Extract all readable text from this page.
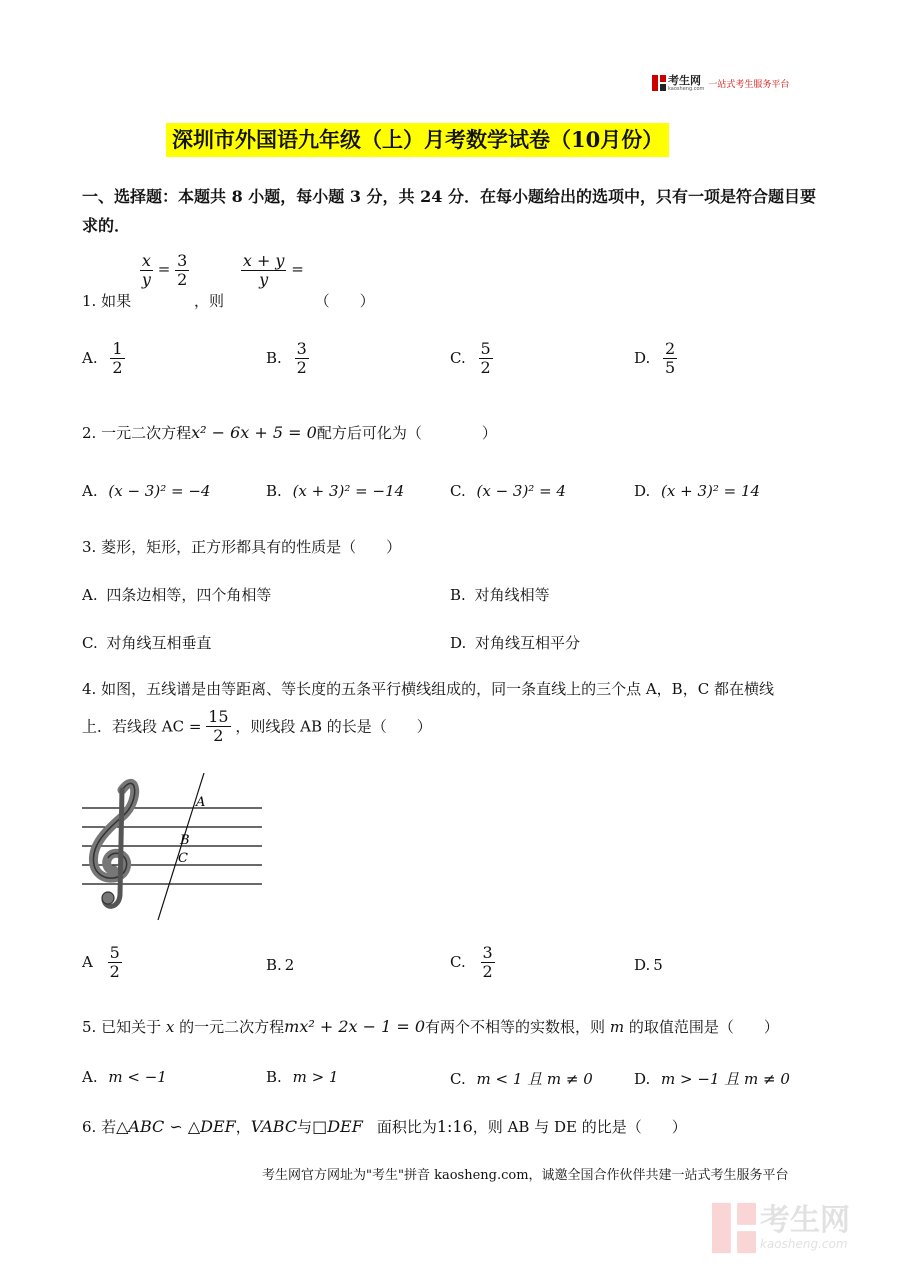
考生网
kaosheng.com 一站式考生服务平台
深圳市外国语九年级（上）月考数学试卷（10月份）
一、选择题：本题共 8 小题，每小题 3 分，共 24 分．在每小题给出的选项中，只有一项是符合题目要求的．
1. 如果
$\frac{x}{y} = \frac{3}{2}$
，则
$\frac{x + y}{y}$ = （　　）
A. $\frac{1}{2}$	B. $\frac{3}{2}$	C. $\frac{5}{2}$	D. $\frac{2}{5}$
2. 一元二次方程x² − 6x + 5 = 0配方后可化为（　　　　）
A. (x − 3)² = −4	B. (x + 3)² = −14	C. (x − 3)² = 4	D. (x + 3)² = 14
3. 菱形，矩形，正方形都具有的性质是（　　）
A. 四条边相等，四个角相等	B. 对角线相等
C. 对角线互相垂直	D. 对角线互相平分
4. 如图，五线谱是由等距离、等长度的五条平行横线组成的，同一条直线上的三个点 A，B，C 都在横线
上．若线段 AC = $\frac{15}{2}$ ，则线段 AB 的长是（　　）
A
B
C
A $\frac{5}{2}$	B. 2	C. $\frac{3}{2}$	D. 5
5. 已知关于 x 的一元二次方程mx² + 2x − 1 = 0有两个不相等的实数根，则 m 的取值范围是（　　）
A. m < −1	B. m > 1	C. m < 1 且 m ≠ 0	D. m > −1 且 m ≠ 0
6. 若△ABC ∽ △DEF，VABC与□DEF 面积比为1:16，则 AB 与 DE 的比是（　　）
考生网官方网址为"考生"拼音 kaosheng.com，诚邀全国合作伙伴共建一站式考生服务平台
考生网
kaosheng.com
